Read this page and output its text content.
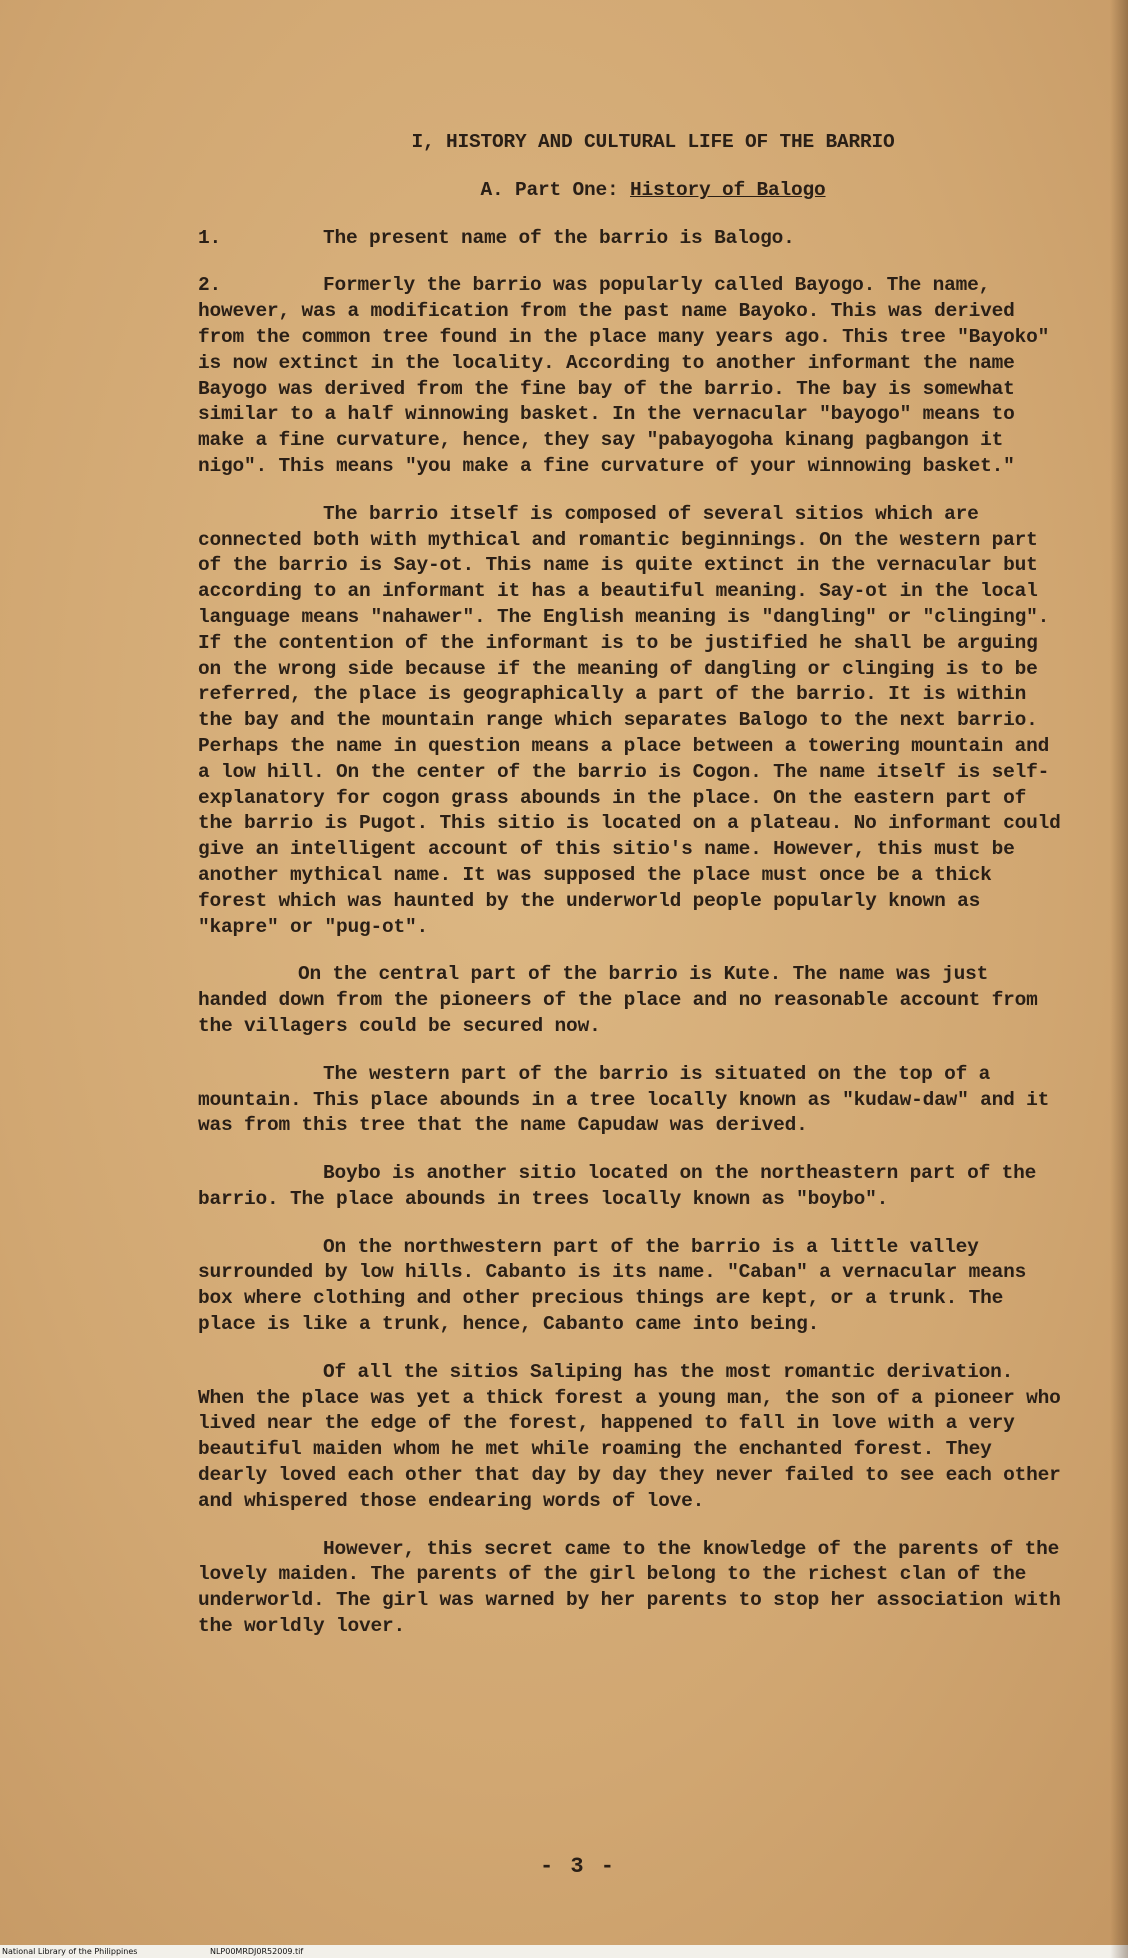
I, HISTORY AND CULTURAL LIFE OF THE BARRIO
A. Part One: History of Balogo
1.	The present name of the barrio is Balogo.
2.	Formerly the barrio was popularly called Bayogo. The name, however, was a modification from the past name Bayoko. This was derived from the common tree found in the place many years ago. This tree "Bayoko" is now extinct in the locality. According to another informant the name Bayogo was derived from the fine bay of the barrio. The bay is somewhat similar to a half winnowing basket. In the vernacular "bayogo" means to make a fine curvature, hence, they say "pabayogoha kinang pagbangon it nigo". This means "you make a fine curvature of your winnowing basket."

The barrio itself is composed of several sitios which are connected both with mythical and romantic beginnings. On the western part of the barrio is Say-ot. This name is quite extinct in the vernacular but according to an informant it has a beautiful meaning. Say-ot in the local language means "nahawer". The English meaning is "dangling" or "clinging". If the contention of the informant is to be justified he shall be arguing on the wrong side because if the meaning of dangling or clinging is to be referred, the place is geographically a part of the barrio. It is within the bay and the mountain range which separates Balogo to the next barrio. Perhaps the name in question means a place between a towering mountain and a low hill. On the center of the barrio is Cogon. The name itself is self-explanatory for cogon grass abounds in the place. On the eastern part of the barrio is Pugot. This sitio is located on a plateau. No informant could give an intelligent account of this sitio's name. However, this must be another mythical name. It was supposed the place must once be a thick forest which was haunted by the underworld people popularly known as "kapre" or "pug-ot".

On the central part of the barrio is Kute. The name was just handed down from the pioneers of the place and no reasonable account from the villagers could be secured now.

The western part of the barrio is situated on the top of a mountain. This place abounds in a tree locally known as "kudaw-daw" and it was from this tree that the name Capudaw was derived.

Boybo is another sitio located on the northeastern part of the barrio. The place abounds in trees locally known as "boybo".

On the northwestern part of the barrio is a little valley surrounded by low hills. Cabanto is its name. "Caban" a vernacular means box where clothing and other precious things are kept, or a trunk. The place is like a trunk, hence, Cabanto came into being.

Of all the sitios Saliping has the most romantic derivation. When the place was yet a thick forest a young man, the son of a pioneer who lived near the edge of the forest, happened to fall in love with a very beautiful maiden whom he met while roaming the enchanted forest. They dearly loved each other that day by day they never failed to see each other and whispered those endearing words of love.

However, this secret came to the knowledge of the parents of the lovely maiden. The parents of the girl belong to the richest clan of the underworld. The girl was warned by her parents to stop her association with the worldly lover.

- 3 -
National Library of the Philippines	NLP00MRDJ0R52009.tif
